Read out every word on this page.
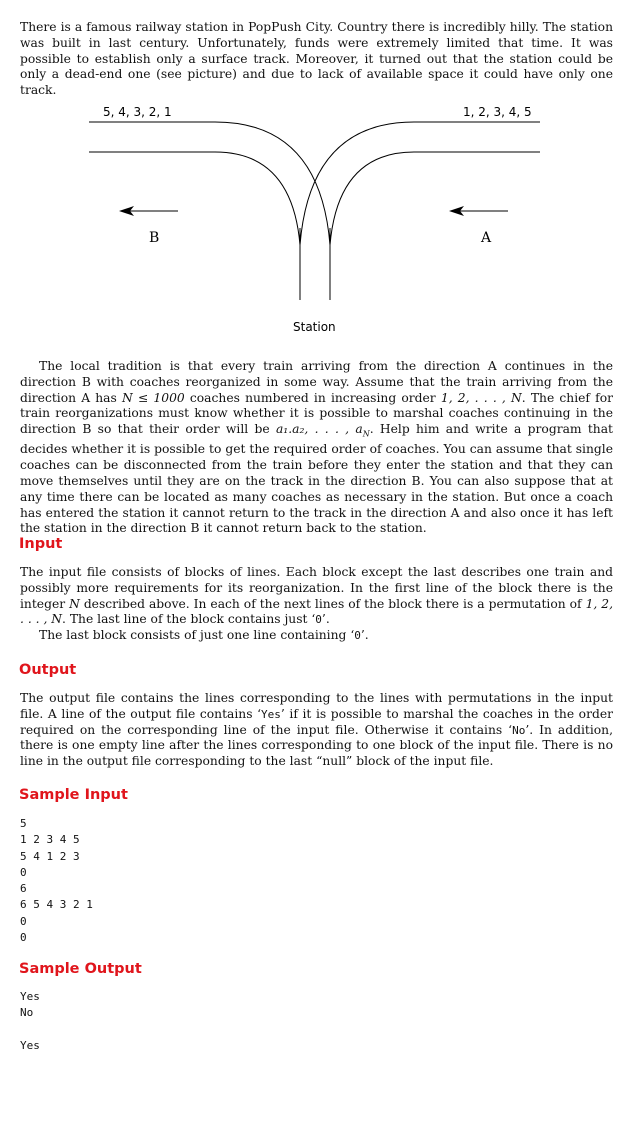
There is a famous railway station in PopPush City. Country there is incredibly hilly. The station was built in last century. Unfortunately, funds were extremely limited that time. It was possible to establish only a surface track. Moreover, it turned out that the station could be only a dead-end one (see picture) and due to lack of available space it could have only one track.

5, 4, 3, 2, 1	1, 2, 3, 4, 5
B	A
Station

The local tradition is that every train arriving from the direction A continues in the direction B with coaches reorganized in some way. Assume that the train arriving from the direction A has N ≤ 1000 coaches numbered in increasing order 1, 2, . . . , N. The chief for train reorganizations must know whether it is possible to marshal coaches continuing in the direction B so that their order will be a₁.a₂, . . . , $a_N$. Help him and write a program that decides whether it is possible to get the required order of coaches. You can assume that single coaches can be disconnected from the train before they enter the station and that they can move themselves until they are on the track in the direction B. You can also suppose that at any time there can be located as many coaches as necessary in the station. But once a coach has entered the station it cannot return to the track in the direction A and also once it has left the station in the direction B it cannot return back to the station.

Input

The input file consists of blocks of lines. Each block except the last describes one train and possibly more requirements for its reorganization. In the first line of the block there is the integer N described above. In each of the next lines of the block there is a permutation of 1, 2, . . . , N. The last line of the block contains just ‘0’.
The last block consists of just one line containing ‘0’.

Output

The output file contains the lines corresponding to the lines with permutations in the input file. A line of the output file contains ‘Yes’ if it is possible to marshal the coaches in the order required on the corresponding line of the input file. Otherwise it contains ‘No’. In addition, there is one empty line after the lines corresponding to one block of the input file. There is no line in the output file corresponding to the last “null” block of the input file.

Sample Input
5
1 2 3 4 5
5 4 1 2 3
0
6
6 5 4 3 2 1
0
0
Sample Output
Yes
No
Yes
